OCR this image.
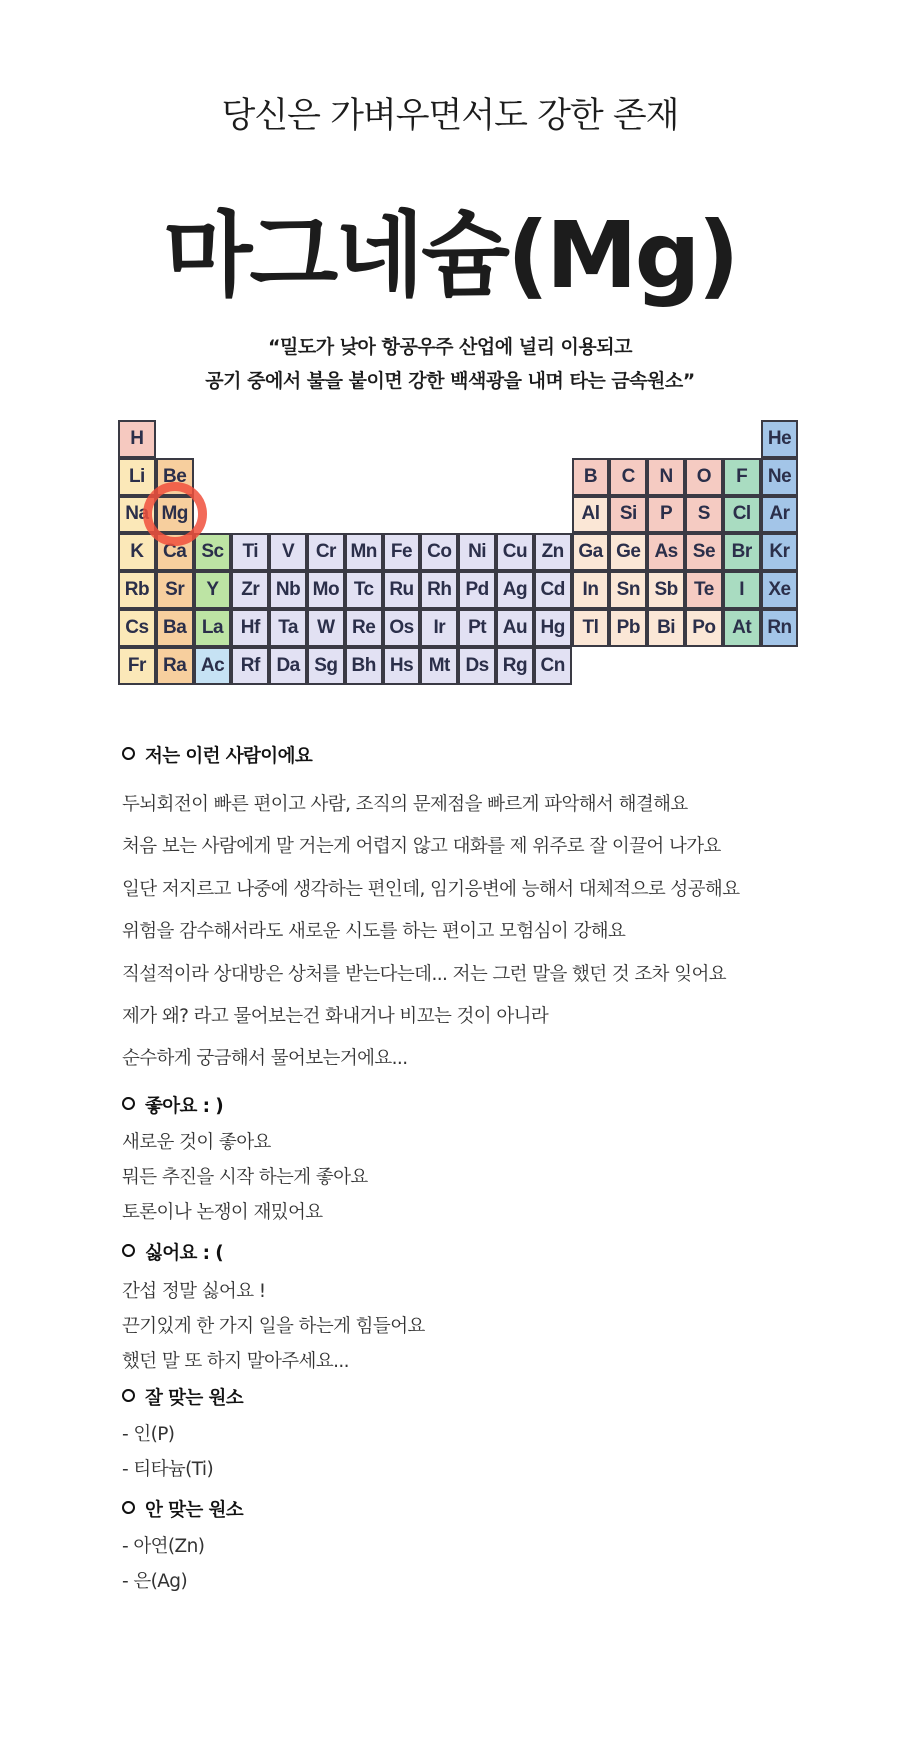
당신은 가벼우면서도 강한 존재
마그네슘(Mg)
“밀도가 낮아 항공우주 산업에 널리 이용되고
공기 중에서 불을 붙이면 강한 백색광을 내며 타는 금속원소”
H	He
Li Be	B	C	N	O	F	Ne
Na Mg	Al	Si	P	S	Cl Ar
K	Ca Sc Ti	V	Cr Mn Fe Co Ni Cu Zn Ga Ge As Se Br Kr
Rb Sr	Y	Zr Nb Mo Tc Ru Rh Pd Ag Cd In Sn Sb Te	I	Xe
Cs Ba La Hf Ta	W Re Os	Ir	Pt Au Hg Tl Pb Bi Po At Rn
Fr Ra Ac Rf Da Sg Bh Hs Mt Ds Rg Cn
저는 이런 사람이에요
두뇌회전이 빠른 편이고 사람, 조직의 문제점을 빠르게 파악해서 해결해요
처음 보는 사람에게 말 거는게 어렵지 않고 대화를 제 위주로 잘 이끌어 나가요
일단 저지르고 나중에 생각하는 편인데, 임기응변에 능해서 대체적으로 성공해요
위험을 감수해서라도 새로운 시도를 하는 편이고 모험심이 강해요
직설적이라 상대방은 상처를 받는다는데... 저는 그런 말을 했던 것 조차 잊어요
제가 왜? 라고 물어보는건 화내거나 비꼬는 것이 아니라
순수하게 궁금해서 물어보는거에요...
좋아요 : )
새로운 것이 좋아요
뭐든 추진을 시작 하는게 좋아요
토론이나 논쟁이 재밌어요
싫어요 : (
간섭 정말 싫어요 !
끈기있게 한 가지 일을 하는게 힘들어요
했던 말 또 하지 말아주세요...
잘 맞는 원소
- 인(P)
- 티타늄(Ti)
안 맞는 원소
- 아연(Zn)
- 은(Ag)
